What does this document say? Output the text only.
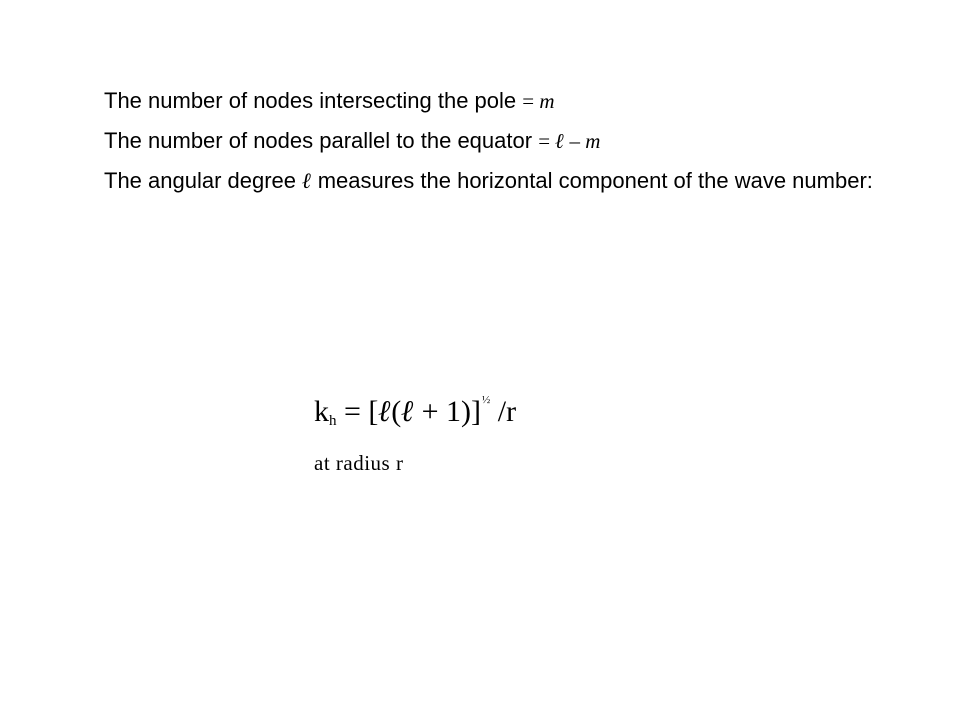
The number of nodes intersecting the pole = m
The number of nodes parallel to the equator = ℓ – m
The angular degree ℓ measures the horizontal component of the wave number:
$k_h$ = [ℓ(ℓ + 1)]$^{\frac{1}{2}}$ /r
at radius r
